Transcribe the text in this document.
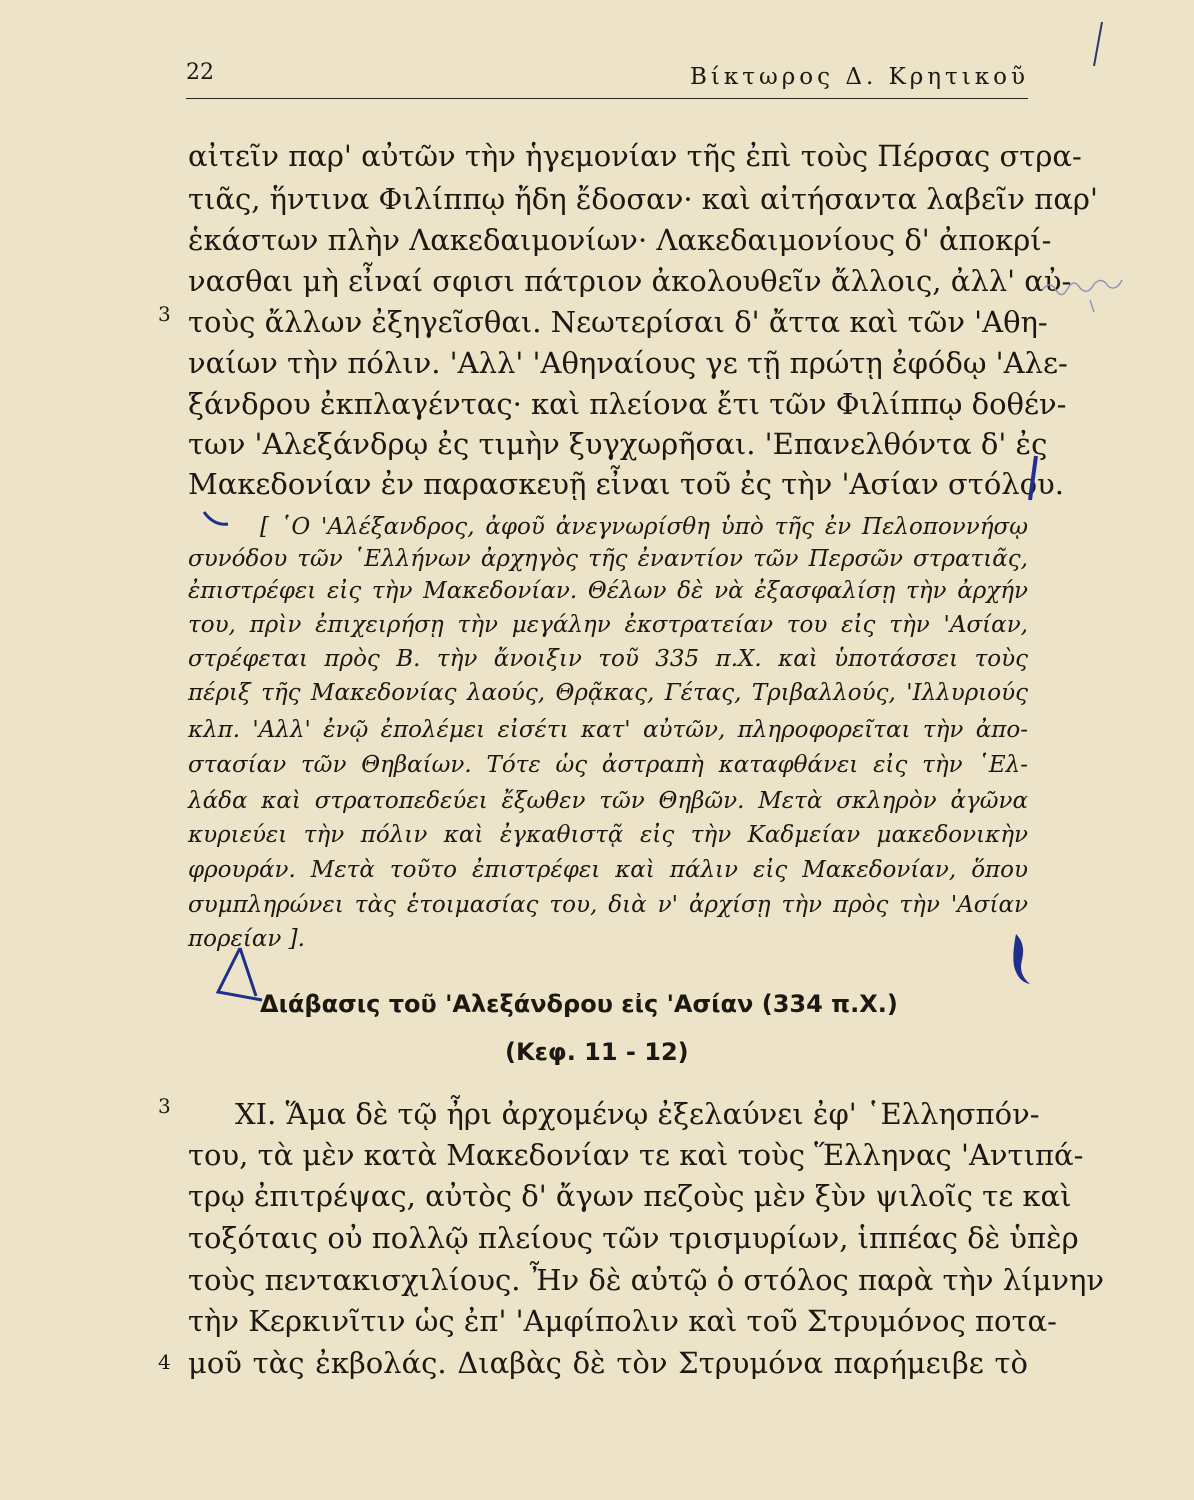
22	Βίκτωρος Δ. Κρητικοῦ
αἰτεῖν παρ' αὐτῶν τὴν ἡγεμονίαν τῆς ἐπὶ τοὺς Πέρσας στρα-
τιᾶς, ἥντινα Φιλίππῳ ἤδη ἔδοσαν· καὶ αἰτήσαντα λαβεῖν παρ'
ἑκάστων πλὴν Λακεδαιμονίων· Λακεδαιμονίους δ' ἀποκρί-
νασθαι μὴ εἶναί σφισι πάτριον ἀκολουθεῖν ἄλλοις, ἀλλ' αὐ-
τοὺς ἄλλων ἐξηγεῖσθαι. Νεωτερίσαι δ' ἄττα καὶ τῶν 'Αθη-
ναίων τὴν πόλιν. 'Αλλ' 'Αθηναίους γε τῇ πρώτῃ ἐφόδῳ 'Αλε-
ξάνδρου ἐκπλαγέντας· καὶ πλείονα ἔτι τῶν Φιλίππῳ δοθέν-
των 'Αλεξάνδρῳ ἐς τιμὴν ξυγχωρῆσαι. 'Επανελθόντα δ' ἐς
Μακεδονίαν ἐν παρασκευῇ εἶναι τοῦ ἐς τὴν 'Ασίαν στόλου.
3
[ ῾Ο 'Αλέξανδρος, ἀφοῦ ἀνεγνωρίσθη ὑπὸ τῆς ἐν Πελοποννήσῳ
συνόδου τῶν ῾Ελλήνων ἀρχηγὸς τῆς ἐναντίον τῶν Περσῶν στρατιᾶς,
ἐπιστρέφει εἰς τὴν Μακεδονίαν. Θέλων δὲ νὰ ἐξασφαλίσῃ τὴν ἀρχήν
του, πρὶν ἐπιχειρήσῃ τὴν μεγάλην ἐκστρατείαν του εἰς τὴν 'Ασίαν,
στρέφεται πρὸς Β. τὴν ἄνοιξιν τοῦ 335 π.Χ. καὶ ὑποτάσσει τοὺς
πέριξ τῆς Μακεδονίας λαούς, Θρᾷκας, Γέτας, Τριβαλλούς, 'Ιλλυριούς
κλπ. 'Αλλ' ἐνῷ ἐπολέμει εἰσέτι κατ' αὐτῶν, πληροφορεῖται τὴν ἀπο-
στασίαν τῶν Θηβαίων. Τότε ὡς ἀστραπὴ καταφθάνει εἰς τὴν ῾Ελ-
λάδα καὶ στρατοπεδεύει ἔξωθεν τῶν Θηβῶν. Μετὰ σκληρὸν ἀγῶνα
κυριεύει τὴν πόλιν καὶ ἐγκαθιστᾷ εἰς τὴν Καδμείαν μακεδονικὴν
φρουράν. Μετὰ τοῦτο ἐπιστρέφει καὶ πάλιν εἰς Μακεδονίαν, ὅπου
συμπληρώνει τὰς ἑτοιμασίας του, διὰ ν' ἀρχίσῃ τὴν πρὸς τὴν 'Ασίαν
πορείαν ].
Διάβασις τοῦ 'Αλεξάνδρου εἰς 'Ασίαν (334 π.Χ.)
(Κεφ. 11 - 12)
3 XI. Ἅμα δὲ τῷ ἦρι ἀρχομένῳ ἐξελαύνει ἐφ' ῾Ελλησπόν-
του, τὰ μὲν κατὰ Μακεδονίαν τε καὶ τοὺς Ἕλληνας 'Αντιπά-
τρῳ ἐπιτρέψας, αὐτὸς δ' ἄγων πεζοὺς μὲν ξὺν ψιλοῖς τε καὶ
τοξόταις οὐ πολλῷ πλείους τῶν τρισμυρίων, ἱππέας δὲ ὑπὲρ
τοὺς πεντακισχιλίους. Ἦν δὲ αὐτῷ ὁ στόλος παρὰ τὴν λίμνην
τὴν Κερκινῖτιν ὡς ἐπ' 'Αμφίπολιν καὶ τοῦ Στρυμόνος ποτα-
μοῦ τὰς ἐκβολάς. Διαβὰς δὲ τὸν Στρυμόνα παρήμειβε τὸ
4
